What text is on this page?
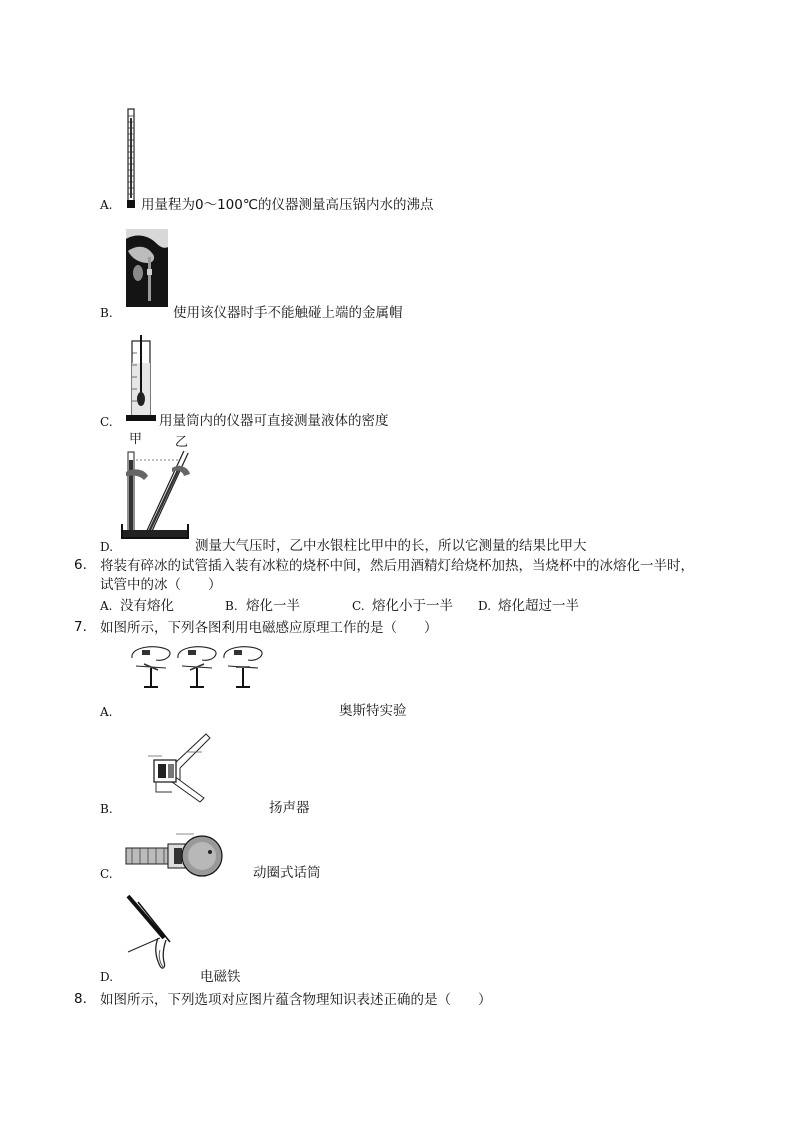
A. 用量程为0～100℃的仪器测量高压锅内水的沸点
B.	使用该仪器时手不能触碰上端的金属帽
C.	用量筒内的仪器可直接测量液体的密度
甲	乙
D.	测量大气压时，乙中水银柱比甲中的长，所以它测量的结果比甲大
6. 将装有碎冰的试管插入装有冰粒的烧杯中间，然后用酒精灯给烧杯加热，当烧杯中的冰熔化一半时，
试管中的冰（　　）
A. 没有熔化	B. 熔化一半	C. 熔化小于一半 D. 熔化超过一半
7. 如图所示，下列各图利用电磁感应原理工作的是（　　）
A.	奥斯特实验
B.	扬声器
C.	动圈式话筒
D.	电磁铁
8. 如图所示，下列选项对应图片蕴含物理知识表述正确的是（　　）
